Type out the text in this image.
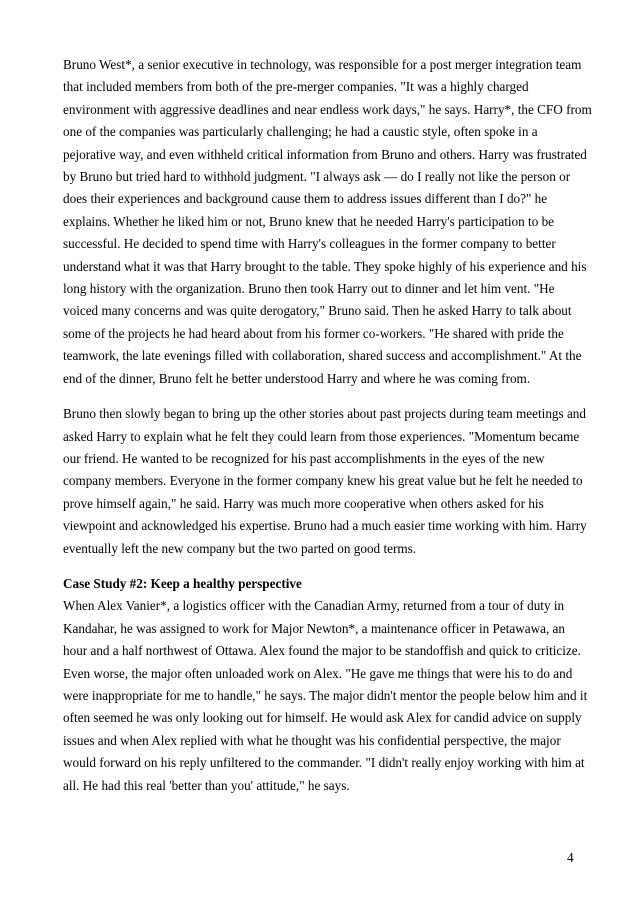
Bruno West*, a senior executive in technology, was responsible for a post merger integration team

that included members from both of the pre-merger companies. "It was a highly charged

environment with aggressive deadlines and near endless work days," he says. Harry*, the CFO from

one of the companies was particularly challenging; he had a caustic style, often spoke in a

pejorative way, and even withheld critical information from Bruno and others. Harry was frustrated

by Bruno but tried hard to withhold judgment. "I always ask — do I really not like the person or

does their experiences and background cause them to address issues different than I do?" he

explains. Whether he liked him or not, Bruno knew that he needed Harry's participation to be

successful. He decided to spend time with Harry's colleagues in the former company to better

understand what it was that Harry brought to the table. They spoke highly of his experience and his

long history with the organization. Bruno then took Harry out to dinner and let him vent. "He

voiced many concerns and was quite derogatory," Bruno said. Then he asked Harry to talk about

some of the projects he had heard about from his former co-workers. "He shared with pride the

teamwork, the late evenings filled with collaboration, shared success and accomplishment." At the

end of the dinner, Bruno felt he better understood Harry and where he was coming from.

Bruno then slowly began to bring up the other stories about past projects during team meetings and

asked Harry to explain what he felt they could learn from those experiences. "Momentum became

our friend. He wanted to be recognized for his past accomplishments in the eyes of the new

company members. Everyone in the former company knew his great value but he felt he needed to

prove himself again," he said. Harry was much more cooperative when others asked for his

viewpoint and acknowledged his expertise. Bruno had a much easier time working with him. Harry

eventually left the new company but the two parted on good terms.

Case Study #2: Keep a healthy perspective

When Alex Vanier*, a logistics officer with the Canadian Army, returned from a tour of duty in

Kandahar, he was assigned to work for Major Newton*, a maintenance officer in Petawawa, an

hour and a half northwest of Ottawa. Alex found the major to be standoffish and quick to criticize.

Even worse, the major often unloaded work on Alex. "He gave me things that were his to do and

were inappropriate for me to handle," he says. The major didn't mentor the people below him and it

often seemed he was only looking out for himself. He would ask Alex for candid advice on supply

issues and when Alex replied with what he thought was his confidential perspective, the major

would forward on his reply unfiltered to the commander. "I didn't really enjoy working with him at

all. He had this real 'better than you' attitude," he says.

4
